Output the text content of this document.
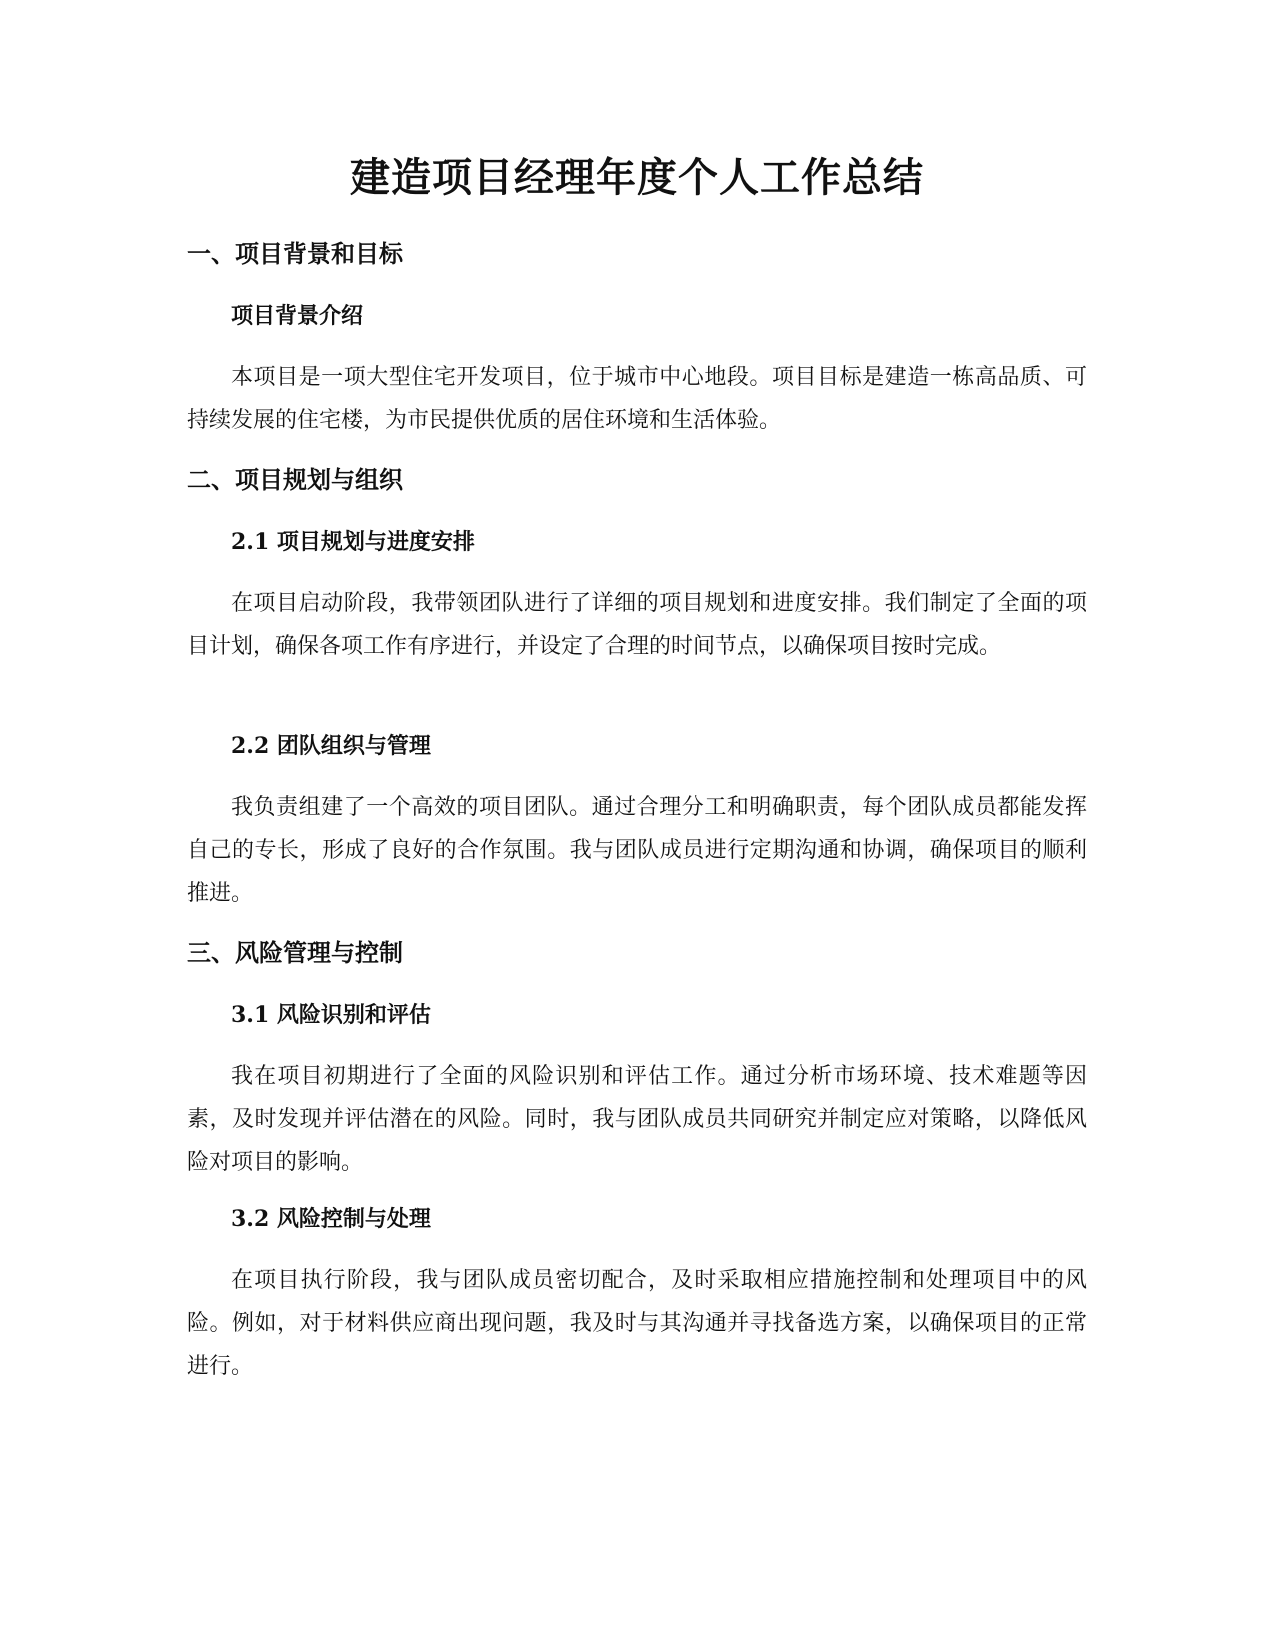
建造项目经理年度个人工作总结
一、项目背景和目标
项目背景介绍

本项目是一项大型住宅开发项目，位于城市中心地段。项目目标是建造一栋高品质、可持续发展的住宅楼，为市民提供优质的居住环境和生活体验。

二、项目规划与组织
2.1 项目规划与进度安排

在项目启动阶段，我带领团队进行了详细的项目规划和进度安排。我们制定了全面的项目计划，确保各项工作有序进行，并设定了合理的时间节点，以确保项目按时完成。

2.2 团队组织与管理

我负责组建了一个高效的项目团队。通过合理分工和明确职责，每个团队成员都能发挥自己的专长，形成了良好的合作氛围。我与团队成员进行定期沟通和协调，确保项目的顺利推进。

三、风险管理与控制
3.1 风险识别和评估

我在项目初期进行了全面的风险识别和评估工作。通过分析市场环境、技术难题等因素，及时发现并评估潜在的风险。同时，我与团队成员共同研究并制定应对策略，以降低风险对项目的影响。

3.2 风险控制与处理

在项目执行阶段，我与团队成员密切配合，及时采取相应措施控制和处理项目中的风险。例如，对于材料供应商出现问题，我及时与其沟通并寻找备选方案，以确保项目的正常进行。
